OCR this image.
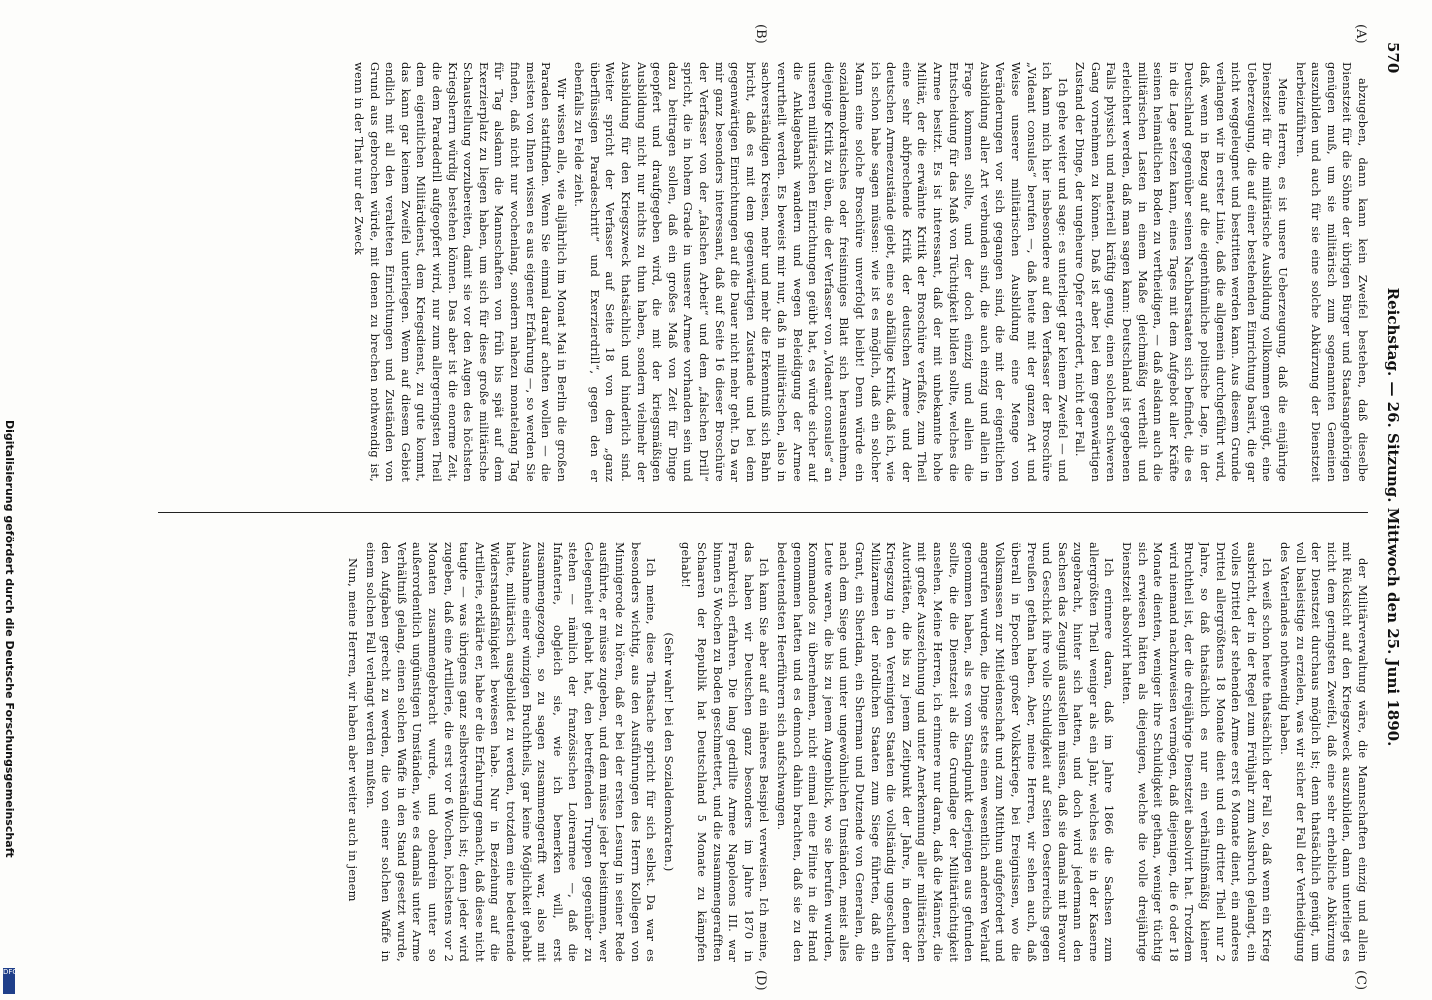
570
Reichstag. — 26. Sitzung. Mittwoch den 25. Juni 1890.
(A)
(B)
(C)
(D)

abzugeben, dann kann kein Zweifel bestehen, daß dieselbe Dienstzeit für die Söhne der übrigen Bürger und Staatsangehörigen genügen muß, um sie militärisch zum sogenannten Gemeinen auszubilden und auch für sie eine solche Abkürzung der Dienstzeit herbeizuführen.

Meine Herren, es ist unsere Ueberzeugung, daß die einjährige Dienstzeit für die militärische Ausbildung vollkommen genügt, eine Ueberzeugung, die auf einer bestehenden Einrichtung basirt, die gar nicht weggeleugnet und bestritten werden kann. Aus diesem Grunde verlangen wir in erster Linie, daß die allgemein durchgeführt wird, daß, wenn in Bezug auf die eigenthümliche politische Lage, in der Deutschland gegenüber seinen Nachbarstaaten sich befindet, die es in die Lage setzen kann, eines Tages mit dem Aufgebot aller Kräfte seinen heimatlichen Boden zu vertheidigen, — daß alsdann auch die militärischen Lasten in einem Maße gleichmäßig vertheilt und erleichtert werden, daß man sagen kann: Deutschland ist gegebenen Falls physisch und materiell kräftig genug, einen solchen schweren Gang vornehmen zu können. Daß ist aber bei dem gegenwärtigen Zustand der Dinge, der ungeheure Opfer erfordert, nicht der Fall.

Ich gehe weiter und sage: es unterliegt gar keinem Zweifel — und ich kann mich hier insbesondere auf den Verfasser der Broschüre „Videant consules“ berufen —, daß heute mit der ganzen Art und Weise unserer militärischen Ausbildung eine Menge von Veränderungen vor sich gegangen sind, die mit der eigentlichen Ausbildung aller Art verbunden sind, die auch einzig und allein in Frage kommen sollte, und der doch einzig und allein die Entscheidung für das Maß von Tüchtigkeit bilden sollte, welches die Armee besitzt. Es ist interessant, daß der mit unbekannte hohe Militär, der die erwähnte Kritik der Broschüre verfaßte, zum Theil eine sehr abfprechende Kritik der deutschen Armee und der deutschen Armeezustände giebt, eine so abfällige Kritik, daß ich, wie ich schon habe sagen müssen: wie ist es möglich, daß ein solcher Mann eine solche Broschüre unverfolgt bleibt! Denn würde ein sozialdemokratisches oder freisinniges Blatt sich herausnehmen, diejenige Kritik zu üben, die der Verfasser von „Videant consules“ an unseren militärischen Einrichtungen geübt hat, es würde sicher auf die Anklagebank wandern und wegen Beleidigung der Armee verurtheilt werden. Es beweist mir nur, daß in militärischen, also in sachverständigen Kreisen, mehr und mehr die Erkenntniß sich Bahn bricht, daß es mit dem gegenwärtigen Zustande und bei dem gegenwärtigen Einrichtungen auf die Dauer nicht mehr geht. Da war mir ganz besonders interessant, daß auf Seite 16 dieser Broschüre der Verfasser von der „falschen Arbeit“ und dem „falschen Drill“ spricht, die in hohem Grade in unserer Armee vorhanden sein und dazu beitragen sollen, daß ein großes Maß von Zeit für Dinge geopfert und draufgegeben wird, die mit der kriegsmäßigen Ausbildung nicht nur nichts zu thun haben, sondern vielmehr der Ausbildung für den Kriegszweck thatsächlich und hinderlich sind. Weiter spricht der Verfasser auf Seite 18 von dem „ganz überflüssigen Paradeschritt“ und Exerzierdrill“, gegen den er ebenfalls zu Felde zieht.

Wir wissen alle, wie alljährlich im Monat Mai in Berlin die großen Paraden stattfinden. Wenn Sie einmal darauf achten wollen — die meisten von Ihnen wissen es aus eigener Erfahrung —, so werden Sie finden, daß nicht nur wochenlang, sondern nahezu monatelang Tag für Tag alsdann die Mannschaften von früh bis spät auf dem Exerzierplatz zu liegen haben, um sich für diese große militärische Schaustellung vorzubereiten, damit sie vor den Augen des höchsten Kriegsherrn würdig bestehen können. Das aber ist die enorme Zeit, die dem Paradedrill aufgeopfert wird, nur zum allergeringsten Theil dem eigentlichen Militärdienst, dem Kriegsdienst, zu gute kommt, das kann gar keinem Zweifel unterliegen. Wenn auf diesem Gebiet endlich mit all den veralteten Einrichtungen und Zuständen von Grund aus gebrochen würde, mit denen zu brechen nothwendig ist, wenn in der That nur der Zweck

der Militärverwaltung wäre, die Mannschaften einzig und allein mit Rücksicht auf den Kriegszweck auszubilden, dann unterliegt es nicht dem geringsten Zweifel, daß eine sehr erhebliche Abkürzung der Dienstzeit durchaus möglich ist; denn thatsächlich genügt, um voll basleistige zu erzielen, was wir sicher der Fall der Vertheidigung des Vaterlandes nothwendig haben.

Ich weiß schon heute thatsächlich der Fall so, daß wenn ein Krieg ausbricht, der in der Regel zum Frühjahr zum Ausbruch gelangt, ein volles Drittel der stehenden Armee erst 6 Monate dient, ein anderes Drittel allergrößtens 18 Monate dient und ein dritter Theil nur 2 Jahre, so daß thatsächlich es nur ein verhältnißmäßig kleiner Bruchtheil ist, der die dreijährige Dienstzeit absolvirt hat. Trotzdem wird niemand nachzuweisen vermögen, daß diejenigen, die 6 oder 18 Monate dienten, weniger ihre Schuldigkeit gethan, weniger tüchtig sich erwiesen hätten als diejenigen, welche die volle dreijährige Dienstzeit absolvirt hatten.

Ich erinnere daran, daß im Jahre 1866 die Sachsen zum allergrößten Theil weniger als ein Jahr, welches sie in der Kaserne zugebracht, hinter sich hatten, und doch wird jedermann den Sachsen das Zeugniß ausstellen müssen, daß sie damals mit Bravour und Geschick ihre volle Schuldigkeit auf Seiten Oesterreichs gegen Preußen gethan haben. Aber, meine Herren, wir sehen auch, daß überall in Epochen großer Volkskriege, bei Ereignissen, wo die Volksmassen zur Mitleidenschaft und zum Mitthun aufgefordert und angerufen wurden, die Dinge stets einen wesentlich anderen Verlauf genommen haben, als es vom Standpunkt derjenigen aus gefunden sollte, die die Dienstzeit als die Grundlage der Militärtüchtigkeit ansehen. Meine Herren, ich erinnere nur daran, daß die Männer, die mit großer Auszeichnung und unter Anerkennung aller militärischen Autoritäten, die bis zu jenem Zeitpunkt der Jahre, in denen der Kriegszug in den Vereinigten Staaten die vollständig ungeschulten Milizarmeen der nördlichen Staaten zum Siege führten, daß ein Grant, ein Sheridan, ein Sherman und Dutzende von Generalen, die nach dem Siege und unter ungewöhnlichen Umständen, meist alles Leute waren, die bis zu jenem Augenblick, wo sie berufen wurden, Kommandos zu übernehmen, nicht einmal eine Flinte in die Hand genommen hatten und es dennoch dahin brachten, daß sie zu den bedeutendsten Heerführern sich aufschwangen.

Ich kann Sie aber auf ein näheres Beispiel verweisen. Ich meine, das haben wir Deutschen ganz besonders im Jahre 1870 in Frankreich erfahren. Die lang gedrillte Armee Napoleons III. war binnen 5 Wochen zu Boden geschmettert, und die zusammengerafften Schaaren der Republik hat Deutschland 5 Monate zu kämpfen gehabt!

(Sehr wahr! bei den Sozialdemokraten.)

Ich meine, diese Thatsache spricht für sich selbst. Da war es besonders wichtig, aus den Ausführungen des Herrn Kollegen von Minnigerode zu hören, daß er bei der ersten Lesung in seiner Rede ausführte, er müsse zugeben, und dem müsse jeder beistimmen, wer Gelegenheit gehabt hat, den betreffenden Truppen gegenüber zu stehen — nämlich der französischen Loirearmee —, daß die Infanterie, obgleich sie, wie ich bemerken will, erst zusammengezogen, so zu sagen zusammengerafft war, also mit Ausnahme einer winzigen Bruchtheils, gar keine Möglichkeit gehabt hatte, militärisch ausgebildet zu werden, trotzdem eine bedeutende Widerstandsfähigkeit bewiesen habe. Nur in Beziehung auf die Artillerie, erklärte er, habe er die Erfahrung gemacht, daß diese nicht taugte — was übrigens ganz selbstverständlich ist; denn jeder wird zugeben, daß eine Artillerie, die erst vor 6 Wochen, höchstens vor 2 Monaten zusammengebracht wurde, und obendrein unter so außerordentlich ungünstigen Umständen, wie es damals unter Arme Verhältniß gelang, einen solchen Waffe in den Stand gesetzt wurde, den Aufgaben gerecht zu werden, die von einer solchen Waffe in einem solchen Fall verlangt werden mußten.

Nun, meine Herren, wir haben aber weiter auch in jenem

Digitalisierung gefördert durch die Deutsche Forschungsgemeinschaft
DFG
